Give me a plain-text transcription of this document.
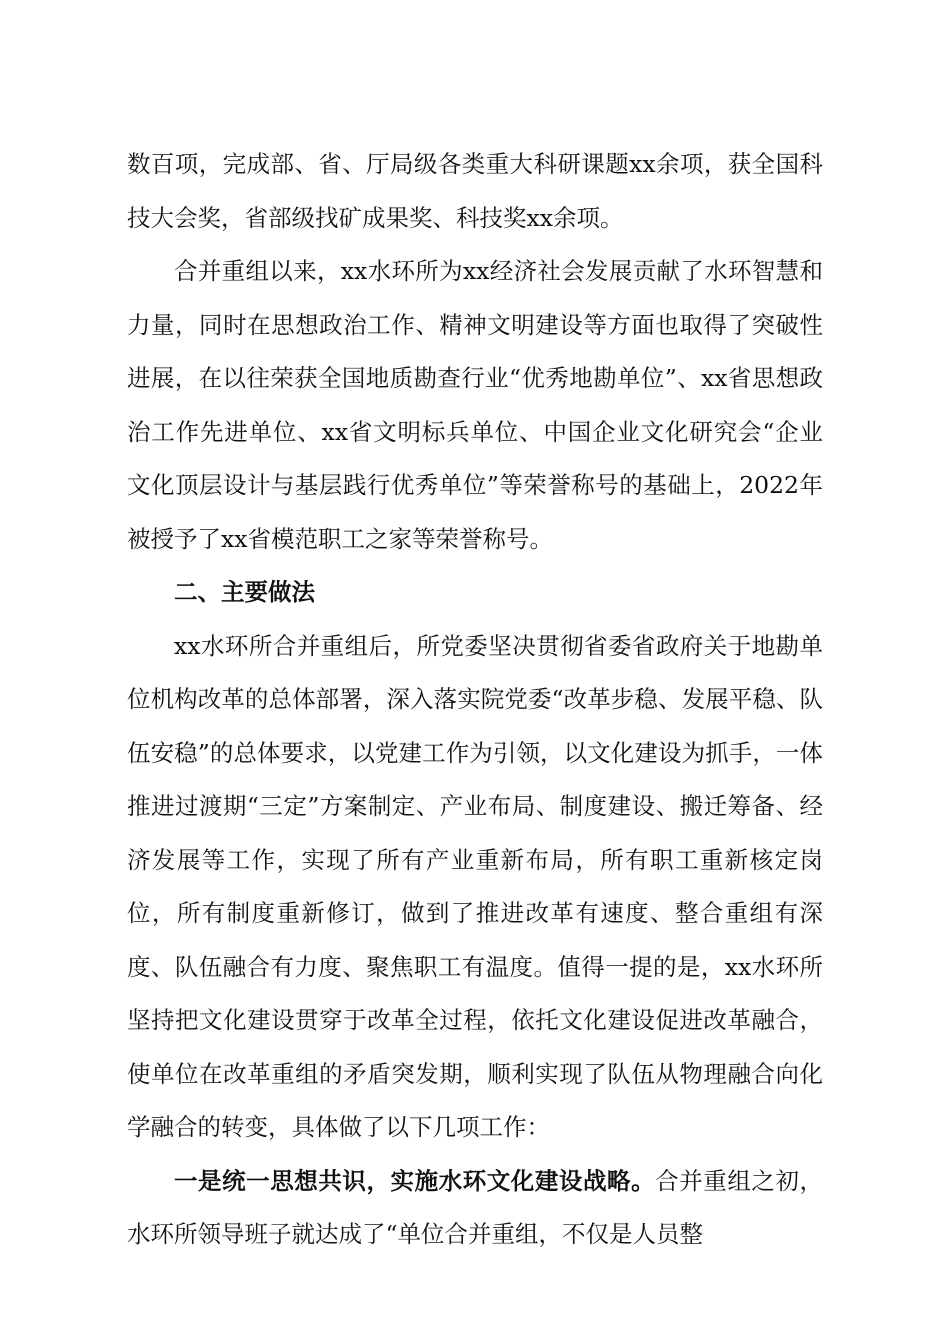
数百项，完成部、省、厅局级各类重大科研课题xx余项，获全国科技大会奖，省部级找矿成果奖、科技奖xx余项。

合并重组以来，xx水环所为xx经济社会发展贡献了水环智慧和力量，同时在思想政治工作、精神文明建设等方面也取得了突破性进展，在以往荣获全国地质勘查行业“优秀地勘单位”、xx省思想政治工作先进单位、xx省文明标兵单位、中国企业文化研究会“企业文化顶层设计与基层践行优秀单位”等荣誉称号的基础上，2022年被授予了xx省模范职工之家等荣誉称号。

二、主要做法

xx水环所合并重组后，所党委坚决贯彻省委省政府关于地勘单位机构改革的总体部署，深入落实院党委“改革步稳、发展平稳、队伍安稳”的总体要求，以党建工作为引领，以文化建设为抓手，一体推进过渡期“三定”方案制定、产业布局、制度建设、搬迁筹备、经济发展等工作，实现了所有产业重新布局，所有职工重新核定岗位，所有制度重新修订，做到了推进改革有速度、整合重组有深度、队伍融合有力度、聚焦职工有温度。值得一提的是，xx水环所坚持把文化建设贯穿于改革全过程，依托文化建设促进改革融合，使单位在改革重组的矛盾突发期，顺利实现了队伍从物理融合向化学融合的转变，具体做了以下几项工作：

一是统一思想共识，实施水环文化建设战略。合并重组之初，水环所领导班子就达成了“单位合并重组，不仅是人员整
